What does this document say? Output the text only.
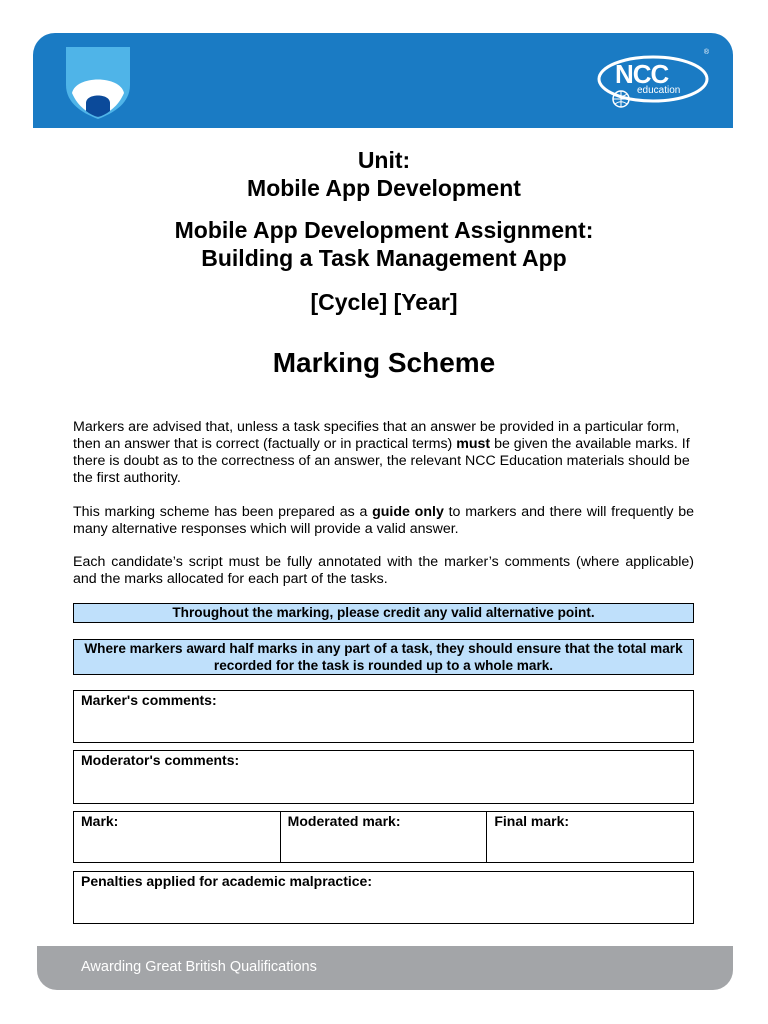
NCC
education
®
Unit:
Mobile App Development
Mobile App Development Assignment:
Building a Task Management App
[Cycle] [Year]
Marking Scheme

Markers are advised that, unless a task specifies that an answer be provided in a particular form, then an answer that is correct (factually or in practical terms) must be given the available marks. If there is doubt as to the correctness of an answer, the relevant NCC Education materials should be the first authority.

This marking scheme has been prepared as a guide only to markers and there will frequently be many alternative responses which will provide a valid answer.

Each candidate’s script must be fully annotated with the marker’s comments (where applicable) and the marks allocated for each part of the tasks.

Throughout the marking, please credit any valid alternative point.
Where markers award half marks in any part of a task, they should ensure that the total mark recorded for the task is rounded up to a whole mark.
Marker's comments:
Moderator's comments:
Mark:	Moderated mark:	Final mark:
Penalties applied for academic malpractice:
Awarding Great British Qualifications
